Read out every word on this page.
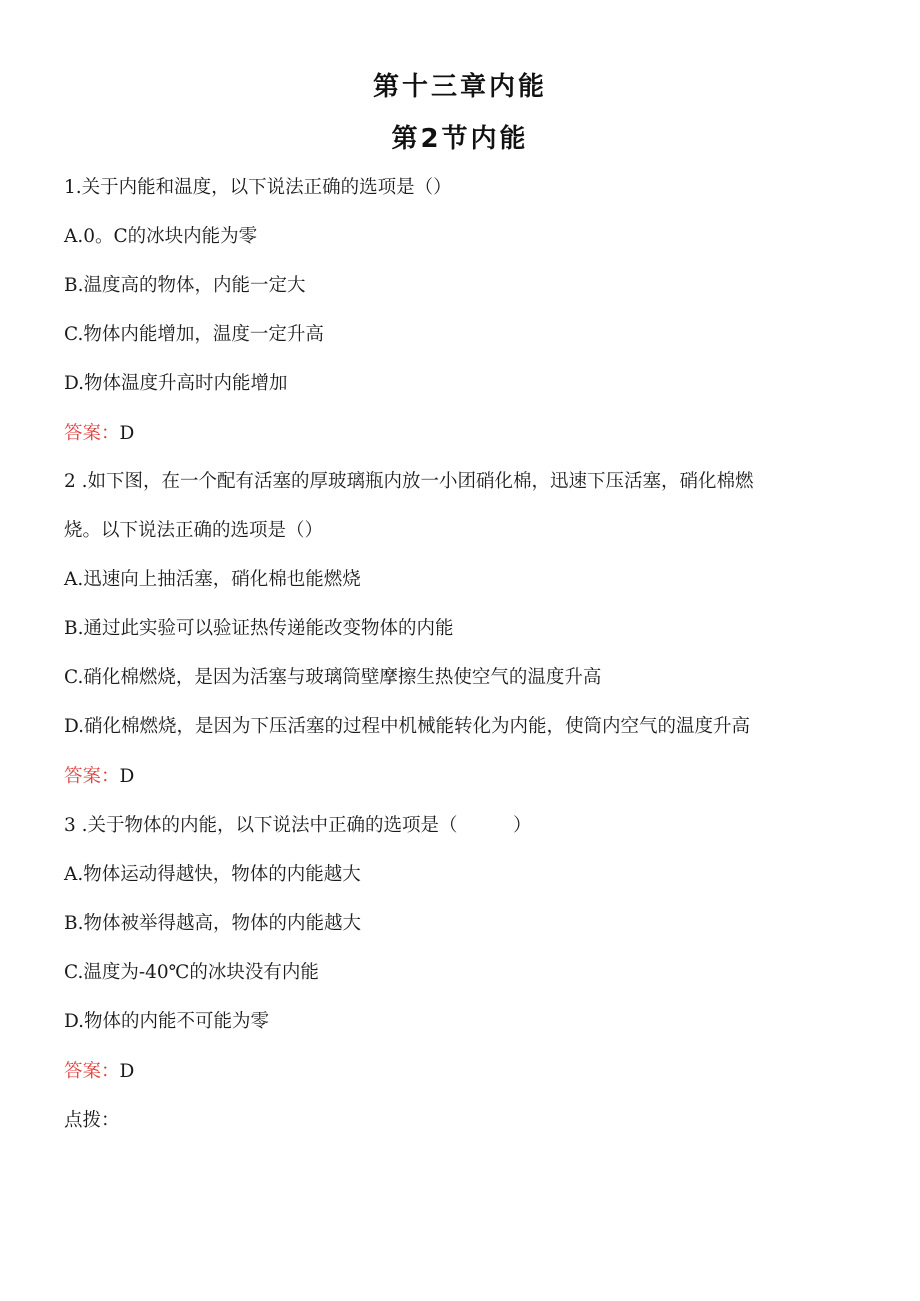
第十三章内能
第2节内能
1.关于内能和温度，以下说法正确的选项是（）
A.0。C的冰块内能为零
B.温度高的物体，内能一定大
C.物体内能增加，温度一定升高
D.物体温度升高时内能增加
答案：D
2 .如下图，在一个配有活塞的厚玻璃瓶内放一小团硝化棉，迅速下压活塞，硝化棉燃
烧。以下说法正确的选项是（）
A.迅速向上抽活塞，硝化棉也能燃烧
B.通过此实验可以验证热传递能改变物体的内能
C.硝化棉燃烧，是因为活塞与玻璃筒壁摩擦生热使空气的温度升高
D.硝化棉燃烧，是因为下压活塞的过程中机械能转化为内能，使筒内空气的温度升高
答案：D
3 .关于物体的内能，以下说法中正确的选项是（　　　）
A.物体运动得越快，物体的内能越大
B.物体被举得越高，物体的内能越大
C.温度为-40℃的冰块没有内能
D.物体的内能不可能为零
答案：D
点拨：
